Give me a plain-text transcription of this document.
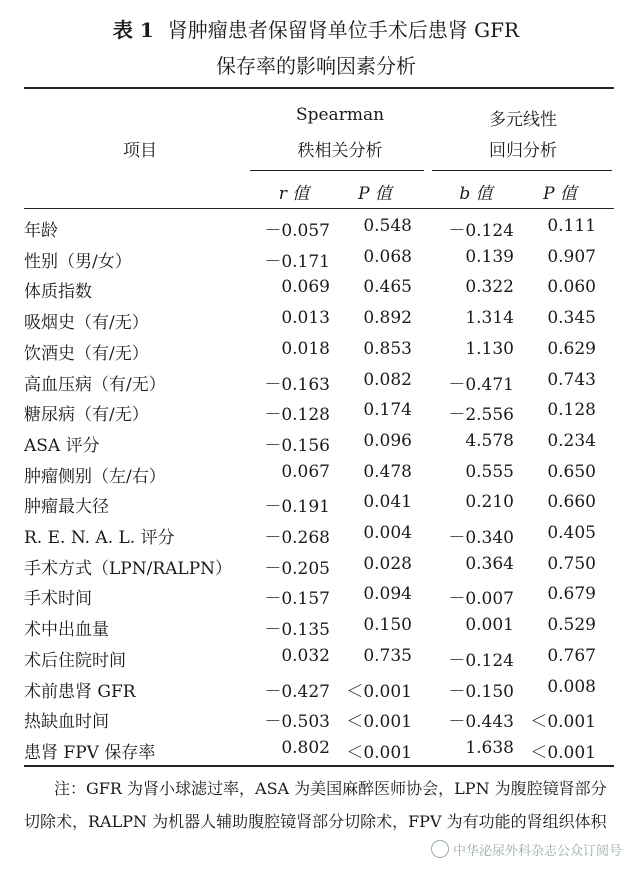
表 1 肾肿瘤患者保留肾单位手术后患肾 GFR
保存率的影响因素分析
项目
Spearman
秩相关分析
多元线性
回归分析
r 值	P 值	b 值	P 值
年龄	－0.057	0.548	－0.124	0.111
性别（男/女）	－0.171	0.068	0.139	0.907
体质指数	0.069	0.465	0.322	0.060
吸烟史（有/无）	0.013	0.892	1.314	0.345
饮酒史（有/无）	0.018	0.853	1.130	0.629
高血压病（有/无）	－0.163	0.082	－0.471	0.743
糖尿病（有/无）	－0.128	0.174	－2.556	0.128
ASA 评分	－0.156	0.096	4.578	0.234
肿瘤侧别（左/右）	0.067	0.478	0.555	0.650
肿瘤最大径	－0.191	0.041	0.210	0.660
R. E. N. A. L. 评分	－0.268	0.004	－0.340	0.405
手术方式（LPN/RALPN）	－0.205	0.028	0.364	0.750
手术时间	－0.157	0.094	－0.007	0.679
术中出血量	－0.135	0.150	0.001	0.529
术后住院时间	0.032	0.735	－0.124	0.767
术前患肾 GFR	－0.427 ＜0.001	－0.150	0.008
热缺血时间	－0.503 ＜0.001	－0.443 ＜0.001
患肾 FPV 保存率	0.802 ＜0.001	1.638 ＜0.001
注：GFR 为肾小球滤过率，ASA 为美国麻醉医师协会，LPN 为腹腔镜肾部分切除术，RALPN 为机器人辅助腹腔镜肾部分切除术，FPV 为有功能的肾组织体积
中华泌尿外科杂志公众订阅号
